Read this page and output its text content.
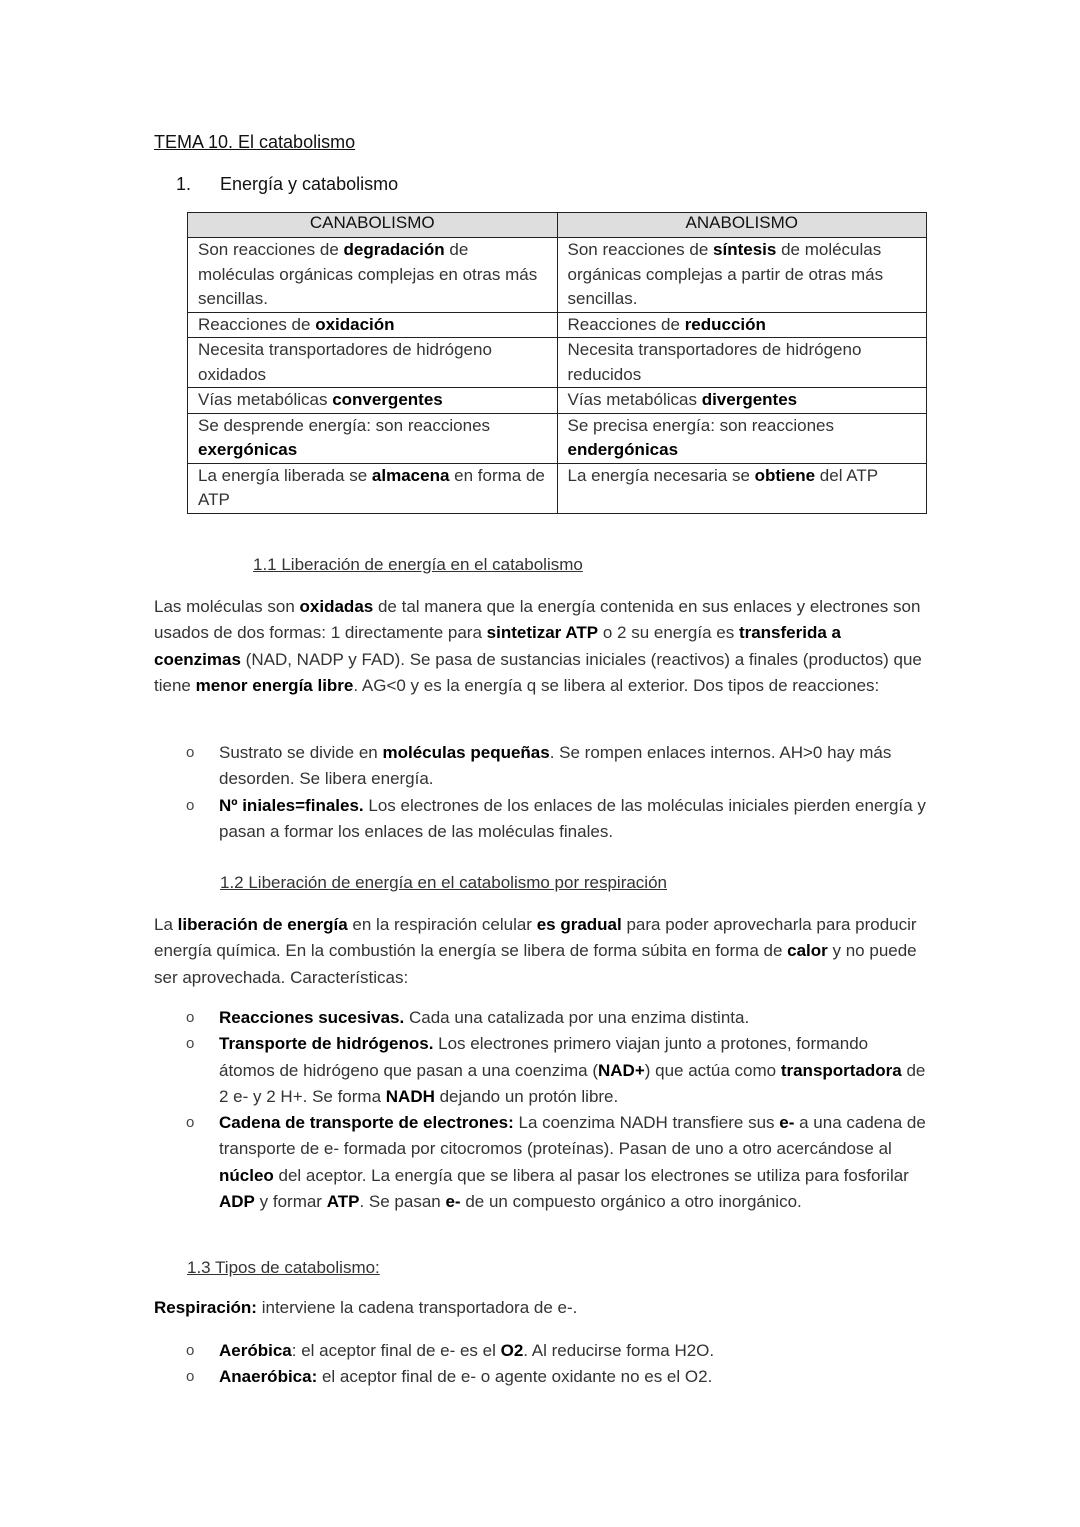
TEMA 10. El catabolismo
1. Energía y catabolismo
CANABOLISMO	ANABOLISMO
Son reacciones de degradación de moléculas orgánicas complejas en otras más sencillas.	Son reacciones de síntesis de moléculas orgánicas complejas a partir de otras más sencillas.
Reacciones de oxidación	Reacciones de reducción
Necesita transportadores de hidrógeno oxidados	Necesita transportadores de hidrógeno reducidos
Vías metabólicas convergentes	Vías metabólicas divergentes
Se desprende energía: son reacciones exergónicas	Se precisa energía: son reacciones endergónicas
La energía liberada se almacena en forma de ATP	La energía necesaria se obtiene del ATP
1.1 Liberación de energía en el catabolismo
Las moléculas son oxidadas de tal manera que la energía contenida en sus enlaces y electrones son usados de dos formas: 1 directamente para sintetizar ATP o 2 su energía es transferida a coenzimas (NAD, NADP y FAD). Se pasa de sustancias iniciales (reactivos) a finales (productos) que tiene menor energía libre. AG<0 y es la energía q se libera al exterior. Dos tipos de reacciones:
o Sustrato se divide en moléculas pequeñas. Se rompen enlaces internos. AH>0 hay más desorden. Se libera energía.
o Nº iniales=finales. Los electrones de los enlaces de las moléculas iniciales pierden energía y pasan a formar los enlaces de las moléculas finales.
1.2 Liberación de energía en el catabolismo por respiración
La liberación de energía en la respiración celular es gradual para poder aprovecharla para producir energía química. En la combustión la energía se libera de forma súbita en forma de calor y no puede ser aprovechada. Características:
o Reacciones sucesivas. Cada una catalizada por una enzima distinta.
o Transporte de hidrógenos. Los electrones primero viajan junto a protones, formando átomos de hidrógeno que pasan a una coenzima (NAD+) que actúa como transportadora de 2 e- y 2 H+. Se forma NADH dejando un protón libre.
o Cadena de transporte de electrones: La coenzima NADH transfiere sus e- a una cadena de transporte de e- formada por citocromos (proteínas). Pasan de uno a otro acercándose al núcleo del aceptor. La energía que se libera al pasar los electrones se utiliza para fosforilar ADP y formar ATP. Se pasan e- de un compuesto orgánico a otro inorgánico.
1.3 Tipos de catabolismo:
Respiración: interviene la cadena transportadora de e-.
o Aeróbica: el aceptor final de e- es el O2. Al reducirse forma H2O.
o Anaeróbica: el aceptor final de e- o agente oxidante no es el O2.
